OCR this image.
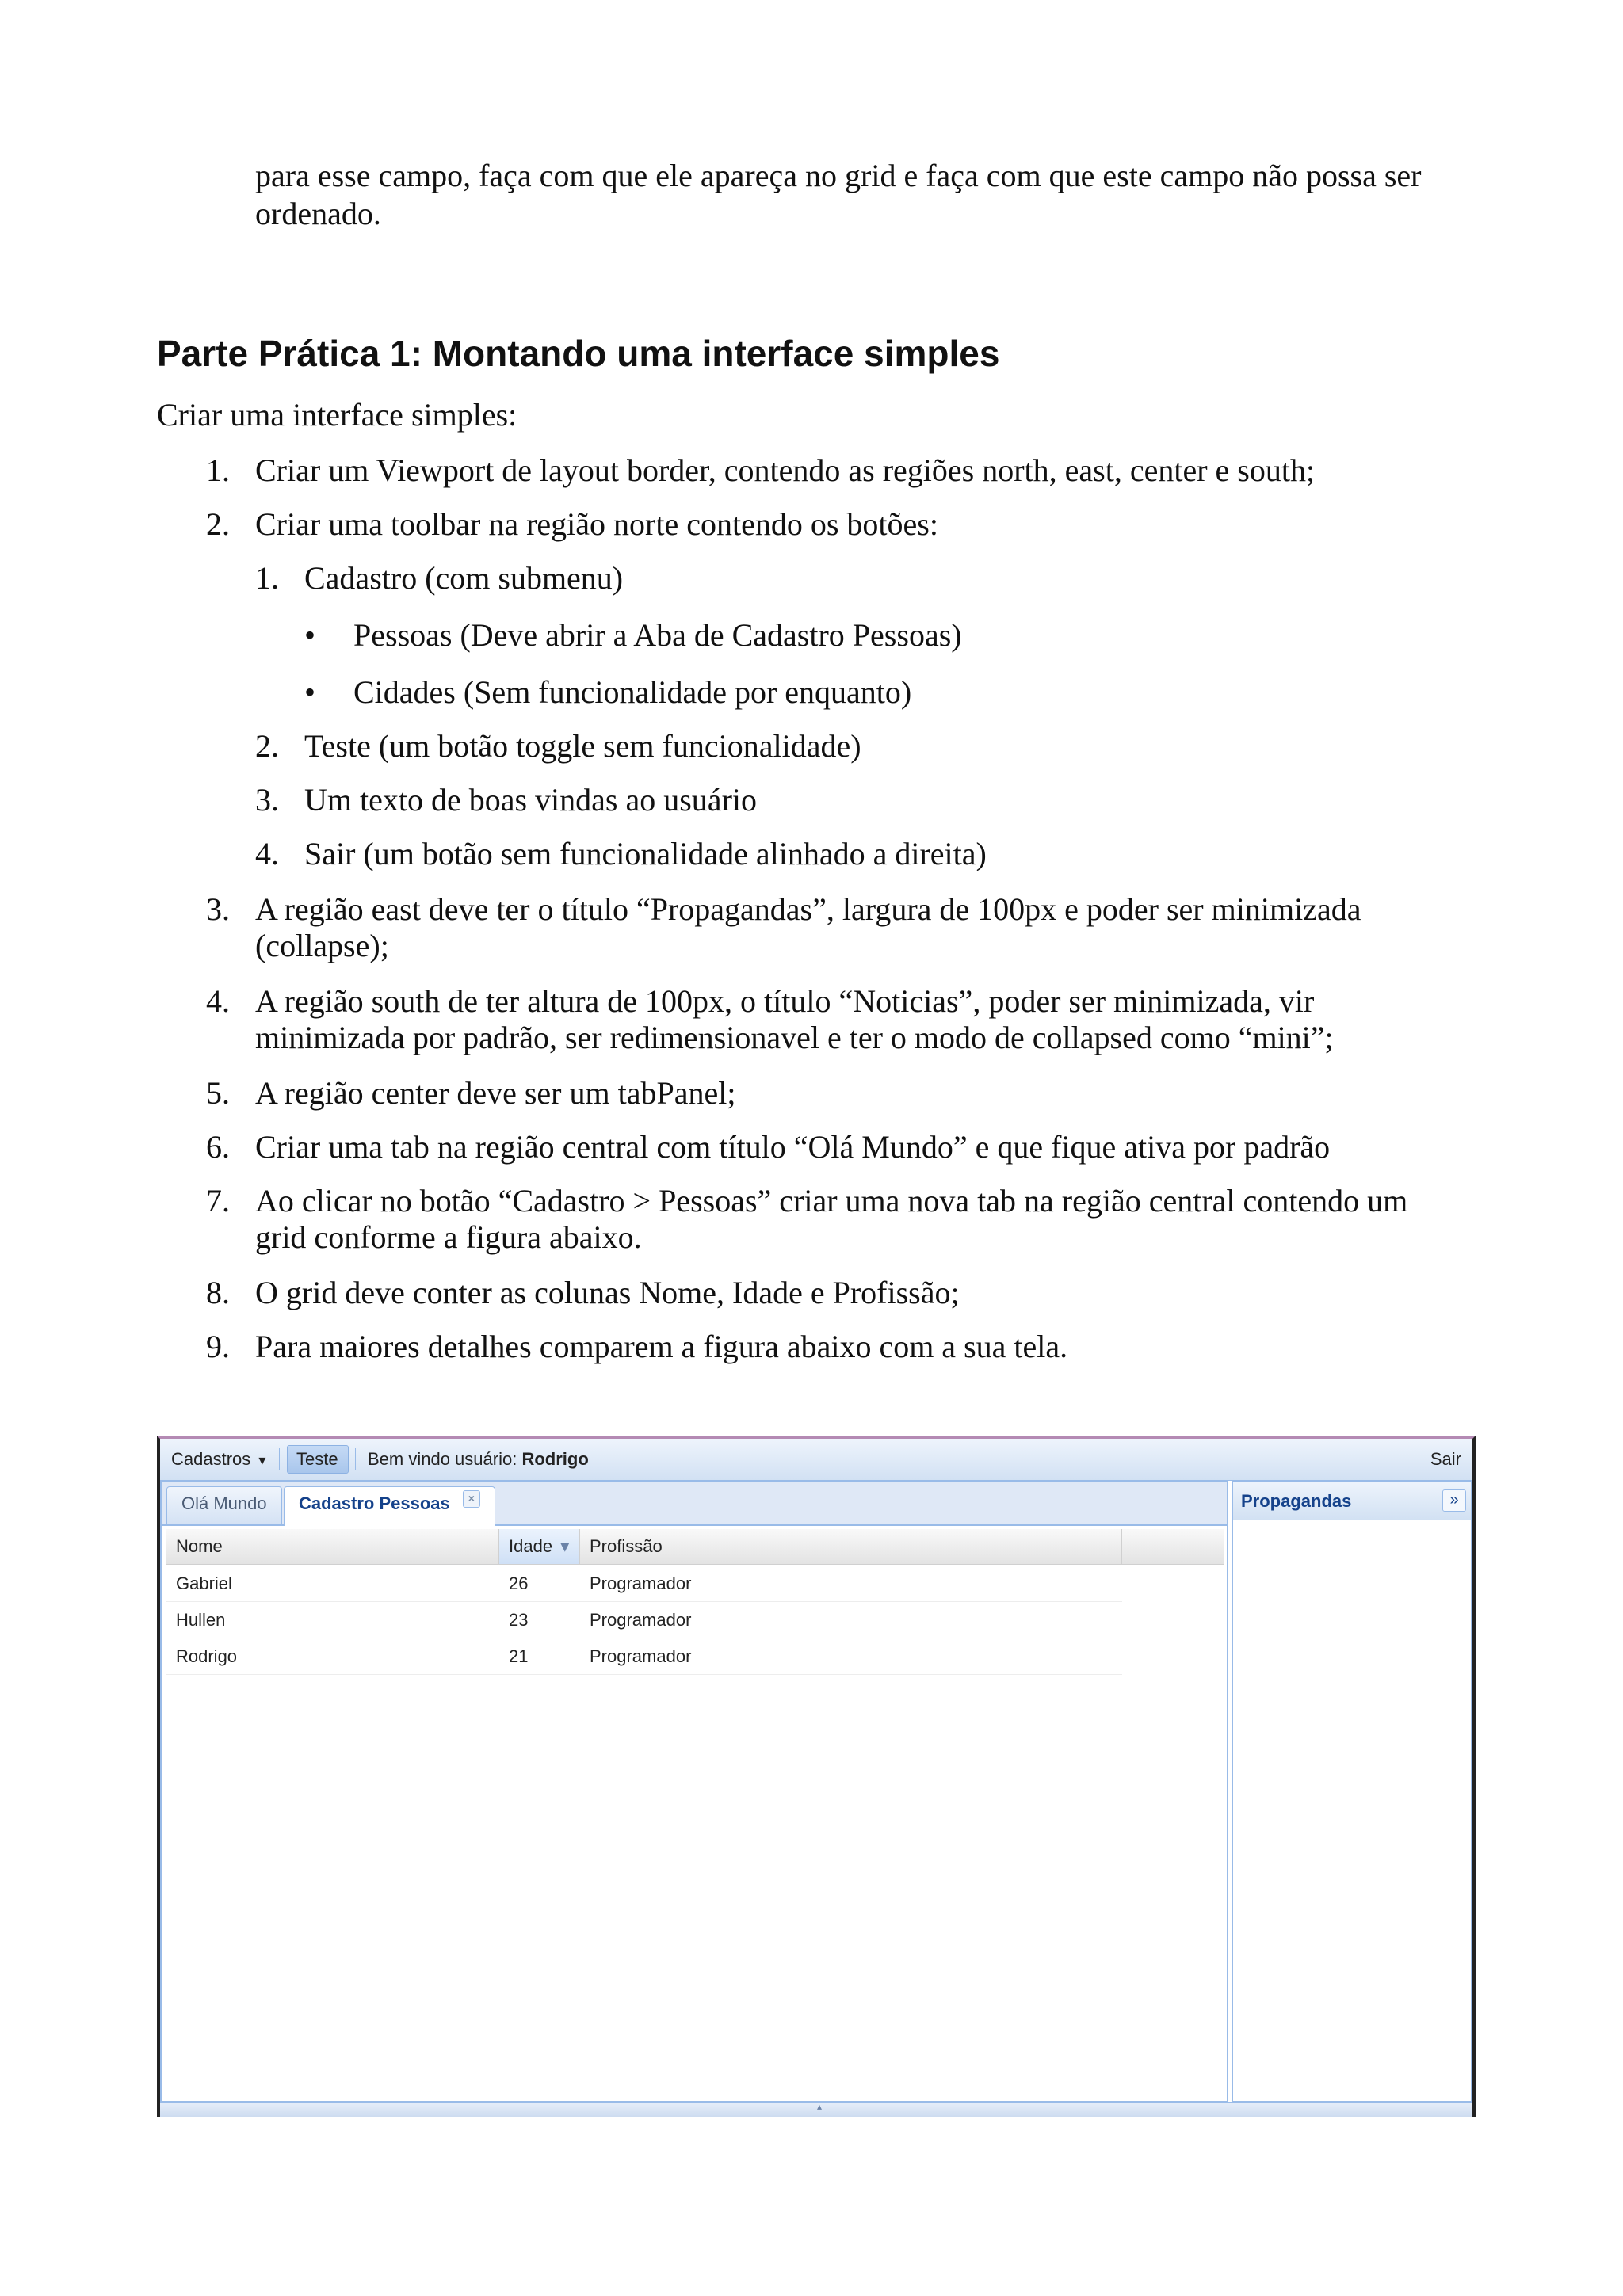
para esse campo, faça com que ele apareça no grid e faça com que este campo não possa ser

ordenado.

Parte Prática 1: Montando uma interface simples

Criar uma interface simples:

1. Criar um Viewport de layout border, contendo as regiões north, east, center e south;
2. Criar uma toolbar na região norte contendo os botões:
1. Cadastro (com submenu)
• Pessoas (Deve abrir a Aba de Cadastro Pessoas)
• Cidades (Sem funcionalidade por enquanto)
2. Teste (um botão toggle sem funcionalidade)
3. Um texto de boas vindas ao usuário
4. Sair (um botão sem funcionalidade alinhado a direita)
3. A região east deve ter o título “Propagandas”, largura de 100px e poder ser minimizada
(collapse);
4. A região south de ter altura de 100px, o título “Noticias”, poder ser minimizada, vir
minimizada por padrão, ser redimensionavel e ter o modo de collapsed como “mini”;
5. A região center deve ser um tabPanel;
6. Criar uma tab na região central com título “Olá Mundo” e que fique ativa por padrão
7. Ao clicar no botão “Cadastro > Pessoas” criar uma nova tab na região central contendo um
grid conforme a figura abaixo.
8. O grid deve conter as colunas Nome, Idade e Profissão;
9. Para maiores detalhes comparem a figura abaixo com a sua tela.
Cadastros ▾ Teste Bem vindo usuário: Rodrigo	Sair
Olá Mundo	Cadastro Pessoas ×
Nome	Idade ▾	Profissão
Gabriel	26	Programador
Hullen	23	Programador
Rodrigo	21	Programador
Propagandas	»
▴
